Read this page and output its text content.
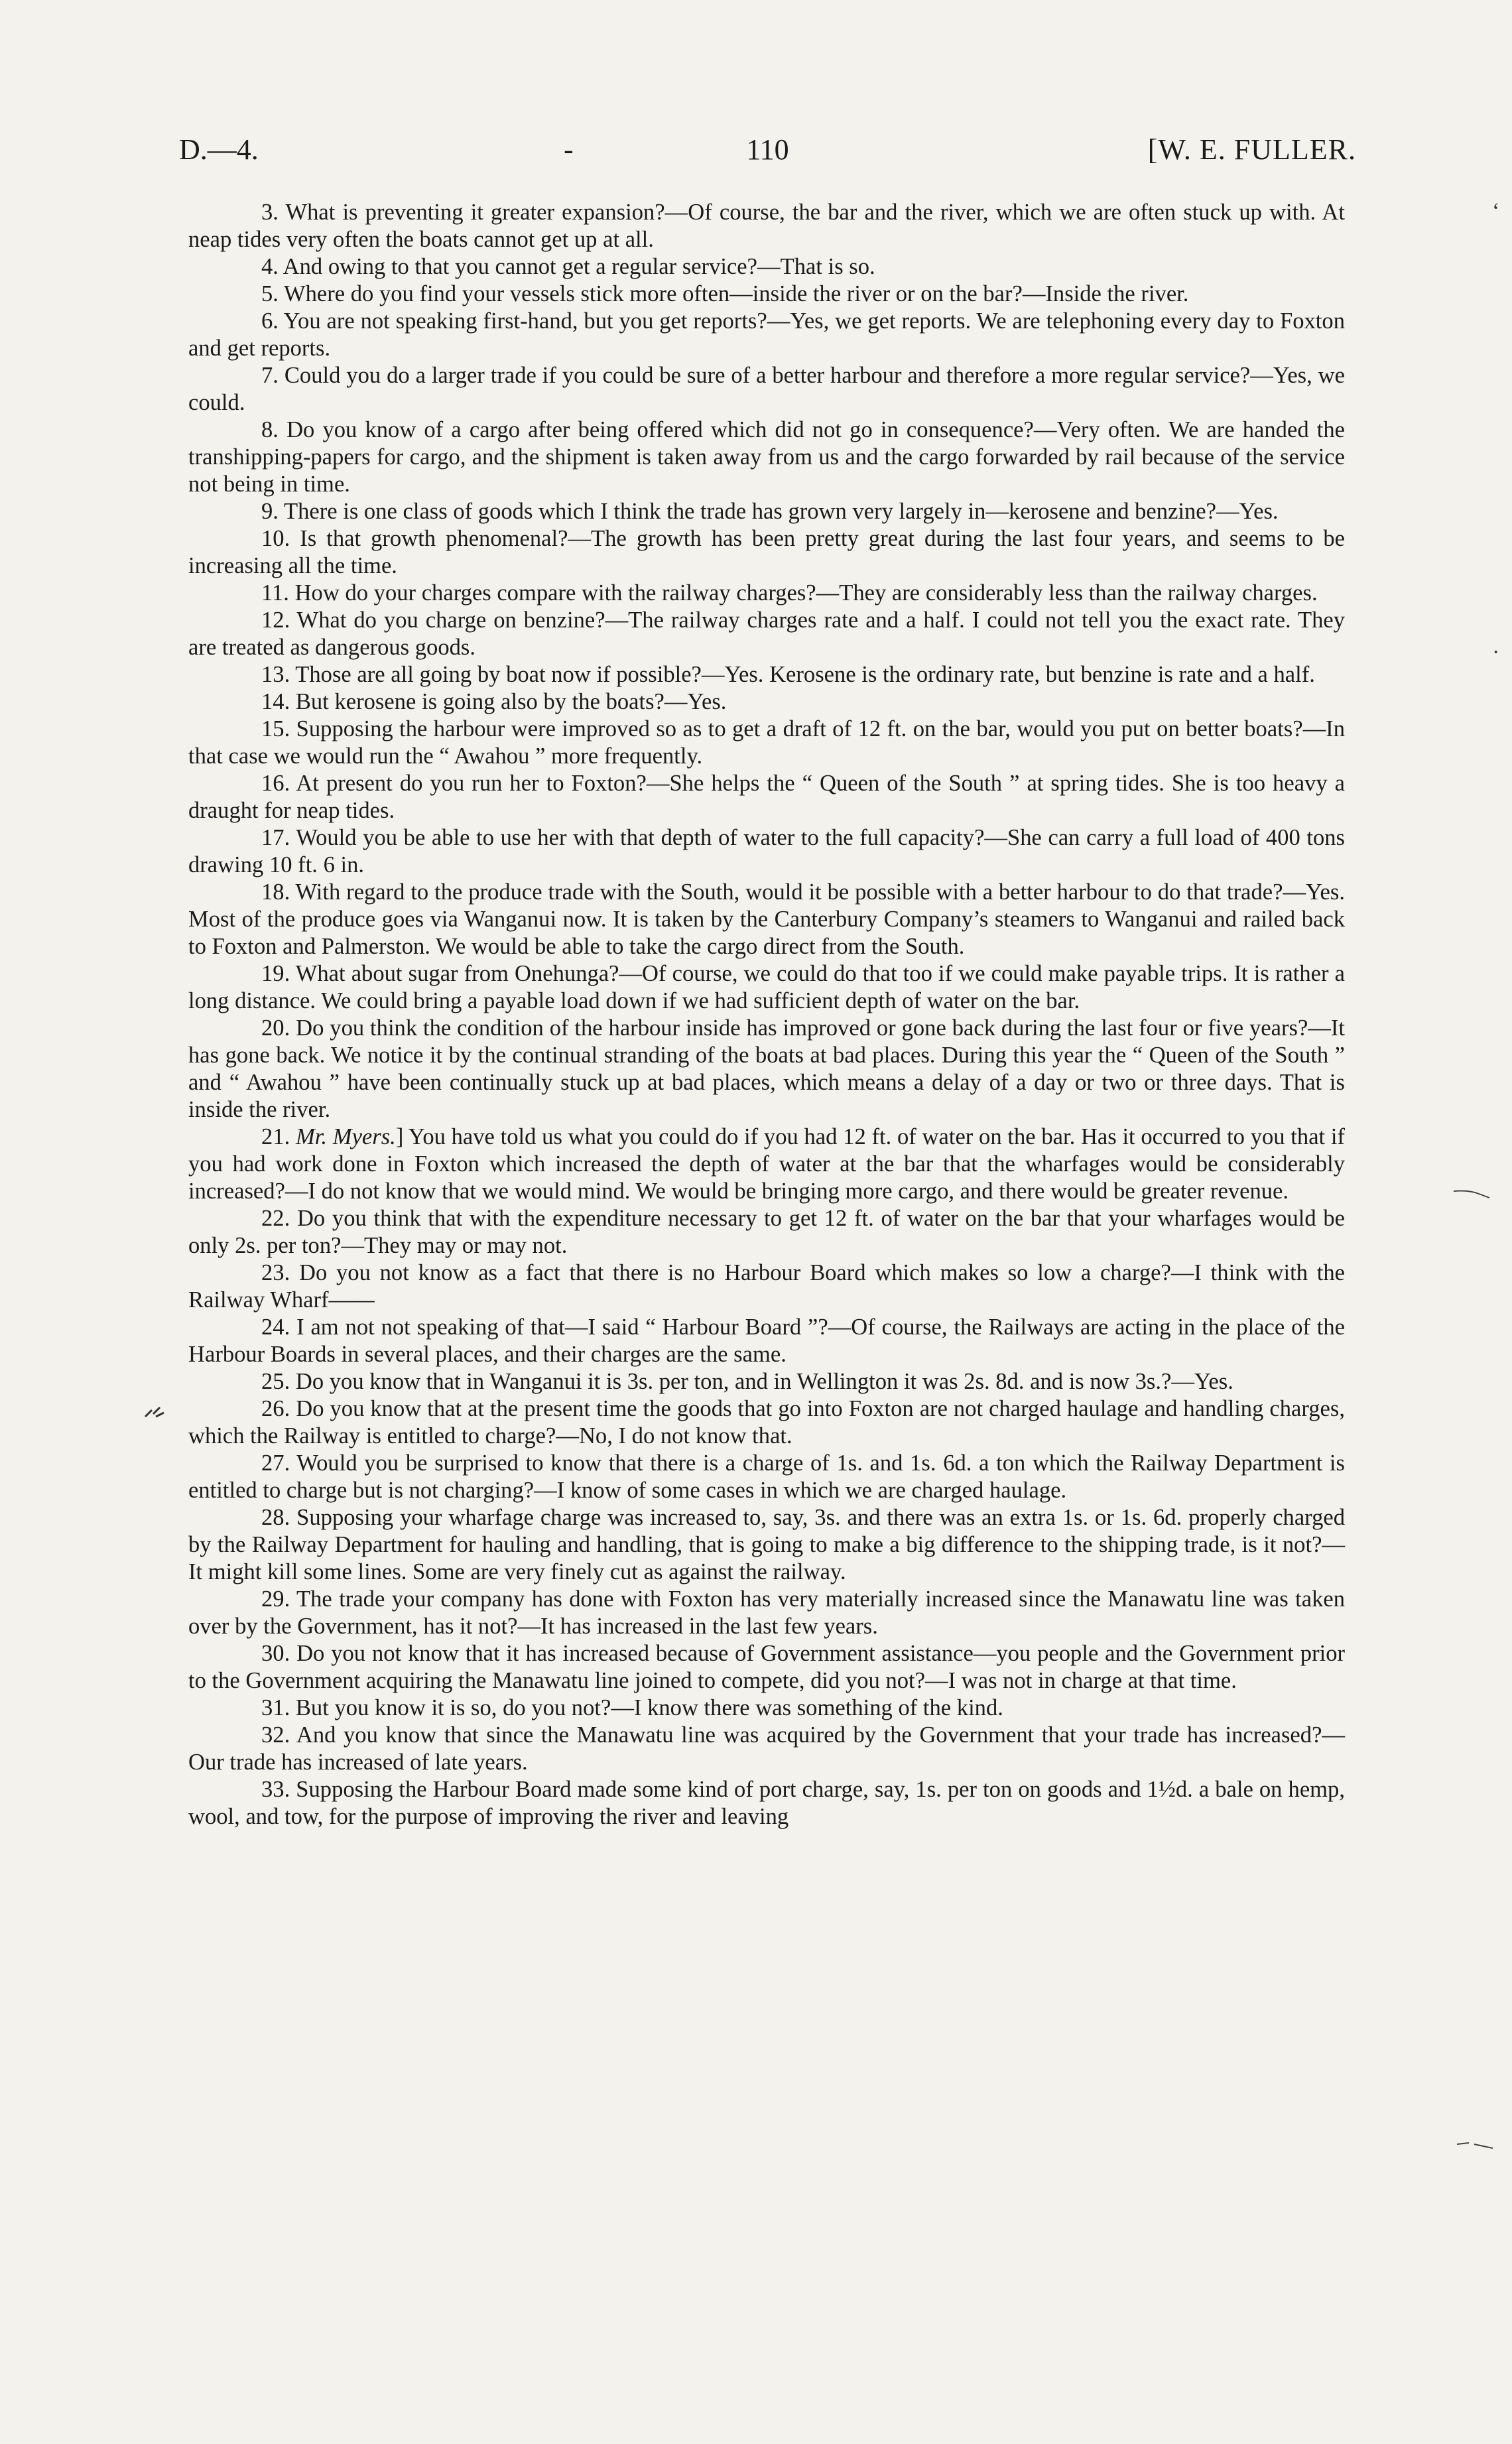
D.—4.	-	110	[W. E. FULLER.

3. What is preventing it greater expansion?—Of course, the bar and the river, which we are often stuck up with. At neap tides very often the boats cannot get up at all.

4. And owing to that you cannot get a regular service?—That is so.

5. Where do you find your vessels stick more often—inside the river or on the bar?—Inside the river.

6. You are not speaking first-hand, but you get reports?—Yes, we get reports. We are telephoning every day to Foxton and get reports.

7. Could you do a larger trade if you could be sure of a better harbour and therefore a more regular service?—Yes, we could.

8. Do you know of a cargo after being offered which did not go in consequence?—Very often. We are handed the transhipping-papers for cargo, and the shipment is taken away from us and the cargo forwarded by rail because of the service not being in time.

9. There is one class of goods which I think the trade has grown very largely in—kerosene and benzine?—Yes.

10. Is that growth phenomenal?—The growth has been pretty great during the last four years, and seems to be increasing all the time.

11. How do your charges compare with the railway charges?—They are considerably less than the railway charges.

12. What do you charge on benzine?—The railway charges rate and a half. I could not tell you the exact rate. They are treated as dangerous goods.

13. Those are all going by boat now if possible?—Yes. Kerosene is the ordinary rate, but benzine is rate and a half.

14. But kerosene is going also by the boats?—Yes.

15. Supposing the harbour were improved so as to get a draft of 12 ft. on the bar, would you put on better boats?—In that case we would run the “ Awahou ” more frequently.

16. At present do you run her to Foxton?—She helps the “ Queen of the South ” at spring tides. She is too heavy a draught for neap tides.

17. Would you be able to use her with that depth of water to the full capacity?—She can carry a full load of 400 tons drawing 10 ft. 6 in.

18. With regard to the produce trade with the South, would it be possible with a better harbour to do that trade?—Yes. Most of the produce goes via Wanganui now. It is taken by the Canterbury Company’s steamers to Wanganui and railed back to Foxton and Palmerston. We would be able to take the cargo direct from the South.

19. What about sugar from Onehunga?—Of course, we could do that too if we could make payable trips. It is rather a long distance. We could bring a payable load down if we had sufficient depth of water on the bar.

20. Do you think the condition of the harbour inside has improved or gone back during the last four or five years?—It has gone back. We notice it by the continual stranding of the boats at bad places. During this year the “ Queen of the South ” and “ Awahou ” have been continually stuck up at bad places, which means a delay of a day or two or three days. That is inside the river.

21. Mr. Myers.] You have told us what you could do if you had 12 ft. of water on the bar. Has it occurred to you that if you had work done in Foxton which increased the depth of water at the bar that the wharfages would be considerably increased?—I do not know that we would mind. We would be bringing more cargo, and there would be greater revenue.

22. Do you think that with the expenditure necessary to get 12 ft. of water on the bar that your wharfages would be only 2s. per ton?—They may or may not.

23. Do you not know as a fact that there is no Harbour Board which makes so low a charge?—I think with the Railway Wharf——

24. I am not not speaking of that—I said “ Harbour Board ”?—Of course, the Railways are acting in the place of the Harbour Boards in several places, and their charges are the same.

25. Do you know that in Wanganui it is 3s. per ton, and in Wellington it was 2s. 8d. and is now 3s.?—Yes.

26. Do you know that at the present time the goods that go into Foxton are not charged haulage and handling charges, which the Railway is entitled to charge?—No, I do not know that.

27. Would you be surprised to know that there is a charge of 1s. and 1s. 6d. a ton which the Railway Department is entitled to charge but is not charging?—I know of some cases in which we are charged haulage.

28. Supposing your wharfage charge was increased to, say, 3s. and there was an extra 1s. or 1s. 6d. properly charged by the Railway Department for hauling and handling, that is going to make a big difference to the shipping trade, is it not?—It might kill some lines. Some are very finely cut as against the railway.

29. The trade your company has done with Foxton has very materially increased since the Manawatu line was taken over by the Government, has it not?—It has increased in the last few years.

30. Do you not know that it has increased because of Government assistance—you people and the Government prior to the Government acquiring the Manawatu line joined to compete, did you not?—I was not in charge at that time.

31. But you know it is so, do you not?—I know there was something of the kind.

32. And you know that since the Manawatu line was acquired by the Government that your trade has increased?—Our trade has increased of late years.

33. Supposing the Harbour Board made some kind of port charge, say, 1s. per ton on goods and 1½d. a bale on hemp, wool, and tow, for the purpose of improving the river and leaving

‘
·
